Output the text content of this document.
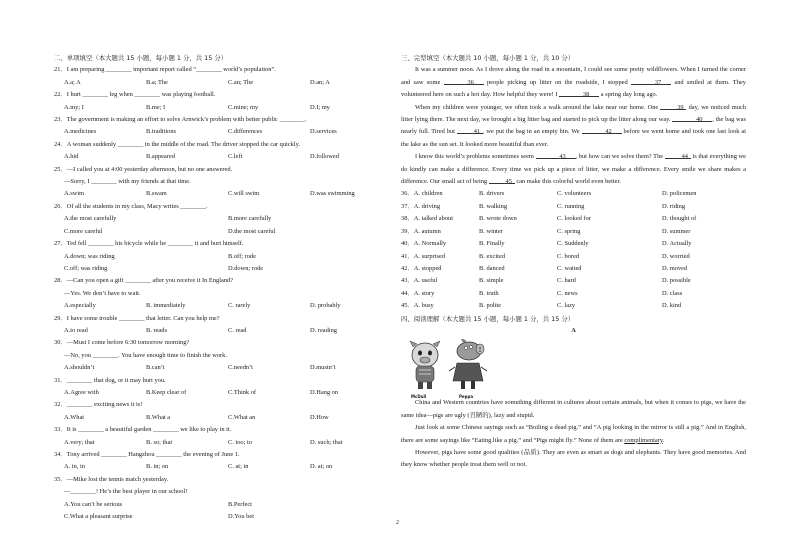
二、单项填空（本大题共 15 小题，每小题 1 分，共 15 分）
21．I am preparing ________ important report called “________ world’s population”.
A.a; A	B.a; The	C.an; The	D.an; A
22．I hurt ________ leg when ________ was playing football.
A.my; I	B.me; I	C.mine; my	D.I; my
23．The government is making an effort to solve Arnwick’s problem with better public ________.
A.medicines	B.traditions	C.differences	D.services
24．A woman suddenly ________ in the middle of the road. The driver stopped the car quickly.
A.hid	B.appeared	C.left	D.followed
25．—I called you at 4:00 yesterday afternoon, but no one answered.
—Sorry, I ________ with my friends at that time.
A.swim	B.swam	C.will swim	D.was swimming
26．Of all the students in my class, Macy writes ________.
A.the most carefully	B.more carefully
C.more careful	D.the most careful
27．Ted fell ________ his bicycle while he ________ it and hurt himself.
A.down; was riding	B.off; rode
C.off; was riding	D.down; rode
28．—Can you open a gift ________ after you receive it In England?
—Yes. We don’t have to wait.
A.especially	B. immediately	C. rarely	D. probably
29．I have some trouble ________ that letter. Can you help me?
A.to read	B. reads	C. read	D. reading
30．—Must I come before 6:30 tomorrow morning?
—No, you ________. You have enough time to finish the work.
A.shouldn’t	B.can’t	C.needn’t	D.mustn’t
31．________ that dog, or it may hurt you.
A.Agree with	B.Keep clear of	C.Think of	D.Hang on
32．________ exciting news it is!
A.What	B.What a	C.What an	D.How
33．It is ________ a beautiful garden ________ we like to play in it.
A.very; that	B. so; that	C. too; to	D. such; that
34．Tony arrived ________ Hangzhou ________ the evening of June 1.
A. in, in	B. in; on	C. at; in	D. at; on
35．—Mike lost the tennis match yesterday.
—________! He’s the best player in our school!
A.You can’t be serious	B.Perfect
C.What a pleasant surprise	D.You bet
三、完型填空（本大题共 10 小题，每小题 1 分，共 10 分）
It was a summer noon. As I drove along the road in a mountain, I could see some pretty wildflowers. When I turned the corner and saw some	36 people picking up litter on the roadside, I stopped	37 and smiled at them. They volunteered here on such a hot day. How helpful they were! I	38 a spring day long ago.
When my children were younger, we often took a walk around the lake near our home. One	39 day, we noticed much litter lying there. The next day, we brought a big litter bag and started to pick up the litter along our way.	40 , the bag was nearly full. Tired but	41 , we put the bag in an empty bin. We	42 before we went home and took one last look at the lake as the sun set. It looked more beautiful than ever.
I know this world’s problems sometimes seem	43 , but how can we solve them? The	44 is that everything we do kindly can make a difference. Every time we pick up a piece of litter, we make a difference. Every smile we share makes a difference. Our small act of being	45 can make this colorful world even better.
36．A. children	B. drivers	C. volunteers	D. policemen
37．A. driving	B. walking	C. running	D. riding
38．A. talked about	B. wrote down	C. looked for	D. thought of
39．A. autumn	B. winter	C. spring	D. summer
40．A. Normally	B. Finally	C. Suddenly	D. Actually
41．A. surprised	B. excited	C. bored	D. worried
42．A. stopped	B. danced	C. waited	D. moved
43．A. useful	B. simple	C. hard	D. possible
44．A. story	B. truth	C. news	D. class
45．A. busy	B. polite	C. lazy	D. kind
四、阅读理解（本大题共 15 小题，每小题 1 分，共 15 分）
A
McDull	Peppa
China and Western countries have something different in cultures about certain animals, but when it comes to pigs, we have the same idea—pigs are ugly (丑陋的), lazy and stupid.
Just look at some Chinese sayings such as “Boiling a dead pig.” and “A pig looking in the mirror is still a pig.” And in English, there are some sayings like “Eating like a pig.” and “Pigs might fly.” None of them are complimentary.
However, pigs have some good qualities (品质). They are even as smart as dogs and elephants. They have good memories. And they know whether people treat them well or not.
2
